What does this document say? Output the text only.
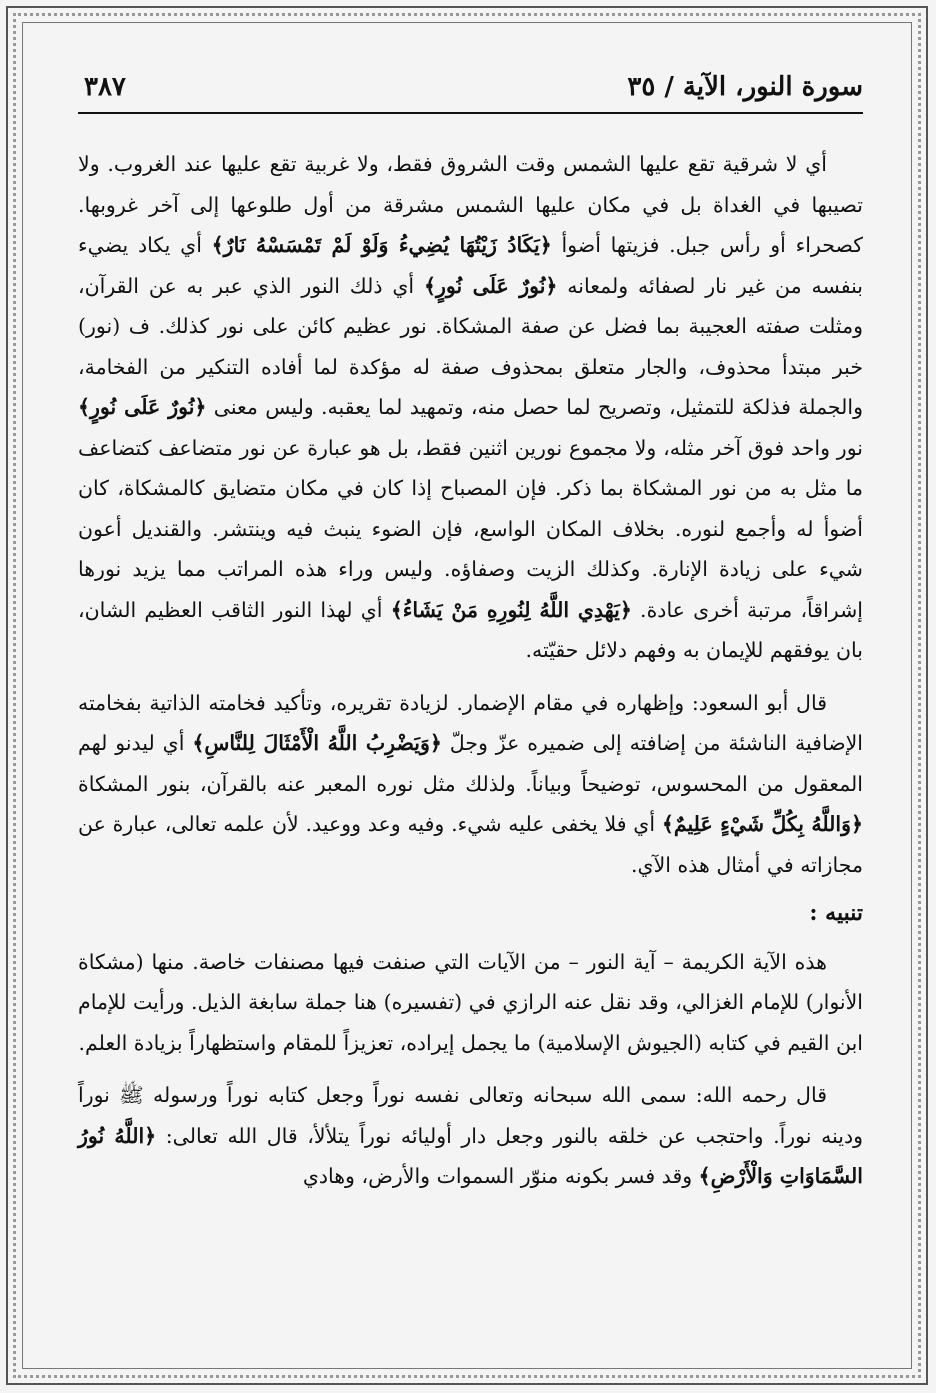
سورة النور، الآية / ٣٥
٣٨٧

أي لا شرقية تقع عليها الشمس وقت الشروق فقط، ولا غربية تقع عليها عند الغروب. ولا تصيبها في الغداة بل في مكان عليها الشمس مشرقة من أول طلوعها إلى آخر غروبها. كصحراء أو رأس جبل. فزيتها أضوأ ﴿يَكَادُ زَيْتُهَا يُضِيءُ وَلَوْ لَمْ تَمْسَسْهُ نَارٌ﴾ أي يكاد يضيء بنفسه من غير نار لصفائه ولمعانه ﴿نُورٌ عَلَى نُورٍ﴾ أي ذلك النور الذي عبر به عن القرآن، ومثلت صفته العجيبة بما فضل عن صفة المشكاة. نور عظيم كائن على نور كذلك. ف (نور) خبر مبتدأ محذوف، والجار متعلق بمحذوف صفة له مؤكدة لما أفاده التنكير من الفخامة، والجملة فذلكة للتمثيل، وتصريح لما حصل منه، وتمهيد لما يعقبه. وليس معنى ﴿نُورٌ عَلَى نُورٍ﴾ نور واحد فوق آخر مثله، ولا مجموع نورين اثنين فقط، بل هو عبارة عن نور متضاعف كتضاعف ما مثل به من نور المشكاة بما ذكر. فإن المصباح إذا كان في مكان متضايق كالمشكاة، كان أضوأ له وأجمع لنوره. بخلاف المكان الواسع، فإن الضوء ينبث فيه وينتشر. والقنديل أعون شيء على زيادة الإنارة. وكذلك الزيت وصفاؤه. وليس وراء هذه المراتب مما يزيد نورها إشراقاً، مرتبة أخرى عادة. ﴿يَهْدِي اللَّهُ لِنُورِهِ مَنْ يَشَاءُ﴾ أي لهذا النور الثاقب العظيم الشان، بان يوفقهم للإيمان به وفهم دلائل حقيّته.

قال أبو السعود: وإظهاره في مقام الإضمار. لزيادة تقريره، وتأكيد فخامته الذاتية بفخامته الإضافية الناشئة من إضافته إلى ضميره عزّ وجلّ ﴿وَيَضْرِبُ اللَّهُ الْأَمْثَالَ لِلنَّاسِ﴾ أي ليدنو لهم المعقول من المحسوس، توضيحاً وبياناً. ولذلك مثل نوره المعبر عنه بالقرآن، بنور المشكاة ﴿وَاللَّهُ بِكُلِّ شَيْءٍ عَلِيمٌ﴾ أي فلا يخفى عليه شيء. وفيه وعد ووعيد. لأن علمه تعالى، عبارة عن مجازاته في أمثال هذه الآي.

تنبيه :

هذه الآية الكريمة – آية النور – من الآيات التي صنفت فيها مصنفات خاصة. منها (مشكاة الأنوار) للإمام الغزالي، وقد نقل عنه الرازي في (تفسيره) هنا جملة سابغة الذيل. ورأيت للإمام ابن القيم في كتابه (الجيوش الإسلامية) ما يجمل إيراده، تعزيزاً للمقام واستظهاراً بزيادة العلم.

قال رحمه الله: سمى الله سبحانه وتعالى نفسه نوراً وجعل كتابه نوراً ورسوله ﷺ نوراً ودينه نوراً. واحتجب عن خلقه بالنور وجعل دار أوليائه نوراً يتلألأ، قال الله تعالى: ﴿اللَّهُ نُورُ السَّمَاوَاتِ وَالْأَرْضِ﴾ وقد فسر بكونه منوّر السموات والأرض، وهادي
